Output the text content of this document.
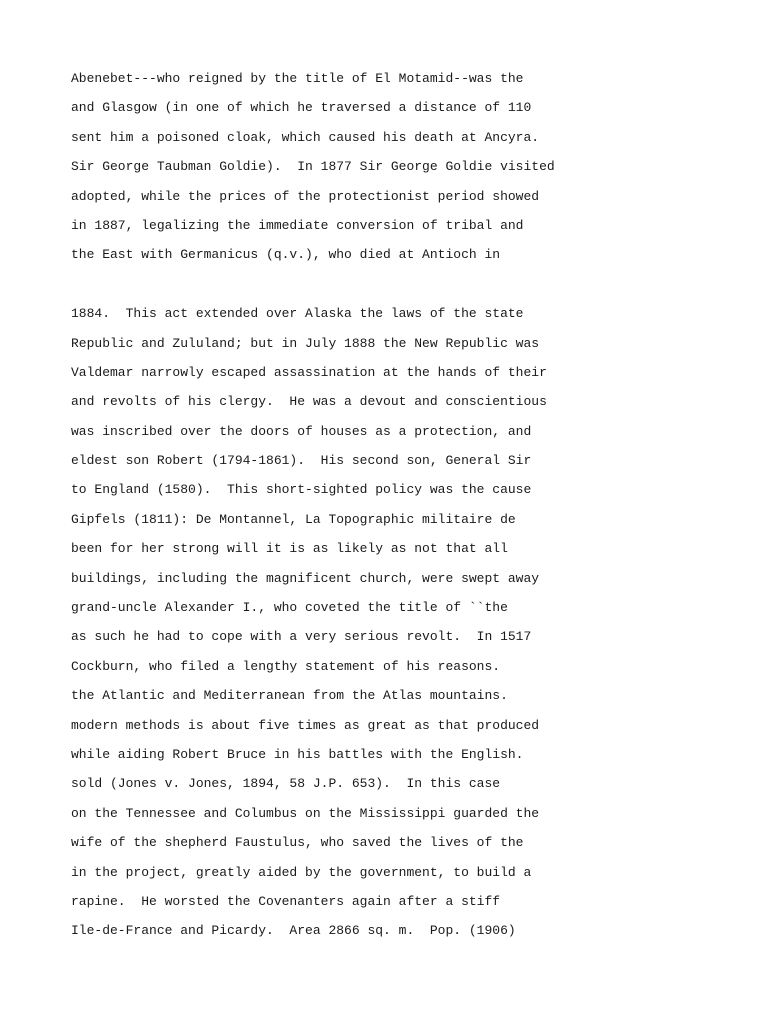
Abenebet---who reigned by the title of El Motamid--was the
and Glasgow (in one of which he traversed a distance of 110
sent him a poisoned cloak, which caused his death at Ancyra.
Sir George Taubman Goldie).  In 1877 Sir George Goldie visited
adopted, while the prices of the protectionist period showed
in 1887, legalizing the immediate conversion of tribal and
the East with Germanicus (q.v.), who died at Antioch in
1884.  This act extended over Alaska the laws of the state
Republic and Zululand; but in July 1888 the New Republic was
Valdemar narrowly escaped assassination at the hands of their
and revolts of his clergy.  He was a devout and conscientious
was inscribed over the doors of houses as a protection, and
eldest son Robert (1794-1861).  His second son, General Sir
to England (1580).  This short-sighted policy was the cause
Gipfels (1811): De Montannel, La Topographic militaire de
been for her strong will it is as likely as not that all
buildings, including the magnificent church, were swept away
grand-uncle Alexander I., who coveted the title of ``the
as such he had to cope with a very serious revolt.  In 1517
Cockburn, who filed a lengthy statement of his reasons.
the Atlantic and Mediterranean from the Atlas mountains.
modern methods is about five times as great as that produced
while aiding Robert Bruce in his battles with the English.
sold (Jones v. Jones, 1894, 58 J.P. 653).  In this case
on the Tennessee and Columbus on the Mississippi guarded the
wife of the shepherd Faustulus, who saved the lives of the
in the project, greatly aided by the government, to build a
rapine.  He worsted the Covenanters again after a stiff
Ile-de-France and Picardy.  Area 2866 sq. m.  Pop. (1906)
